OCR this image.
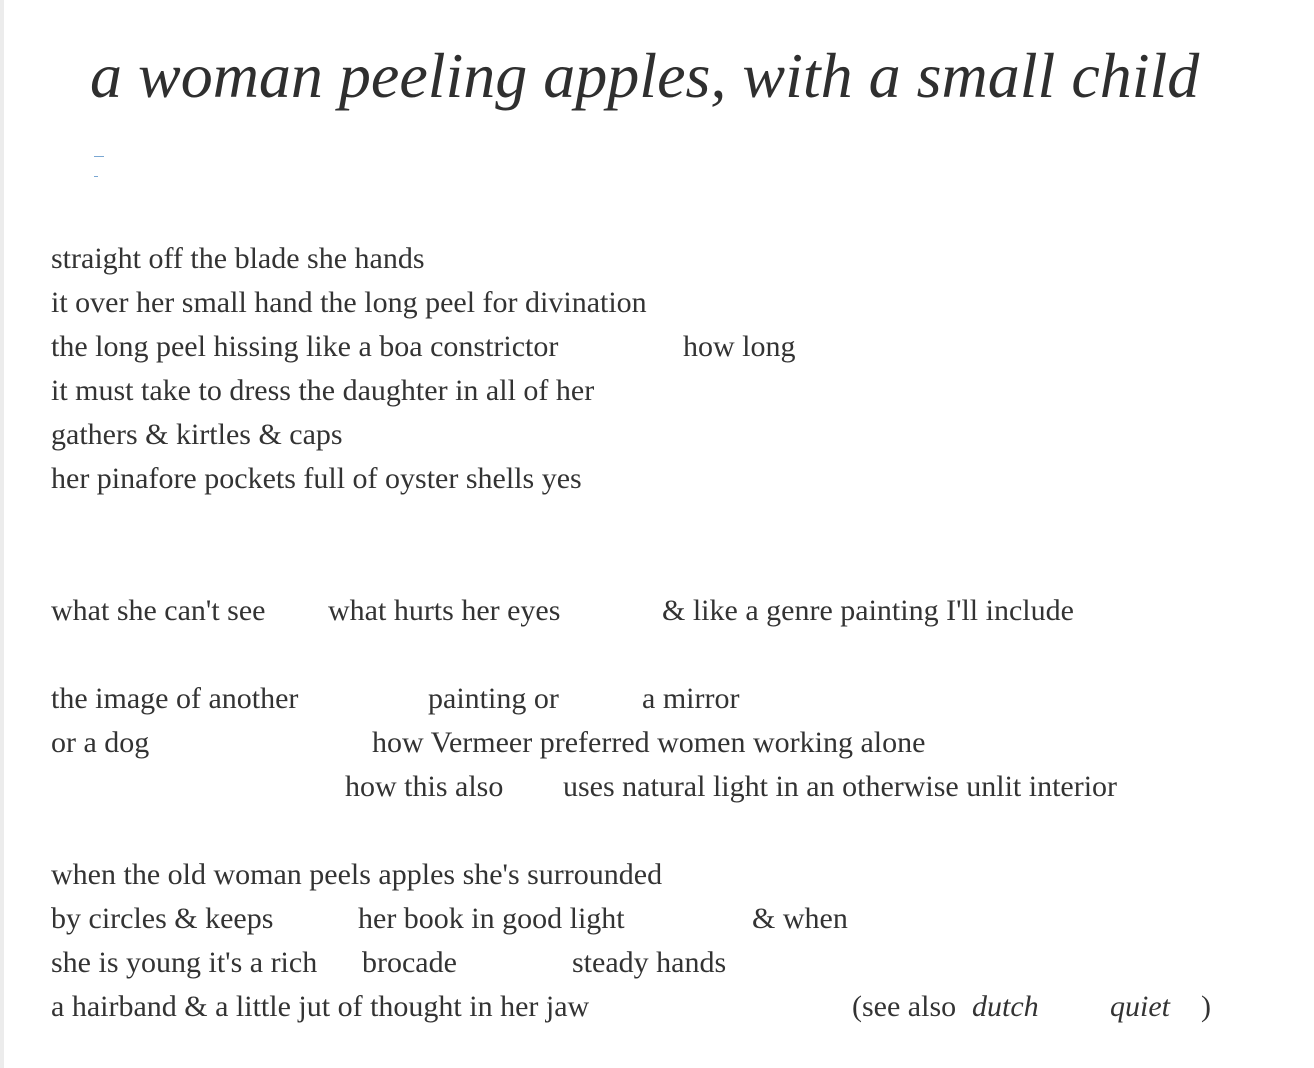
a woman peeling apples, with a small child
straight off the blade she hands
it over her small hand the long peel for divination
the long peel hissing like a boa constrictor	how long
it must take to dress the daughter in all of her
gathers & kirtles & caps
her pinafore pockets full of oyster shells yes
what she can't see what hurts her eyes	& like a genre painting I'll include
the image of another	painting or	a mirror
or a dog	how Vermeer preferred women working alone
how this also uses natural light in an otherwise unlit interior
when the old woman peels apples she's surrounded
by circles & keeps	her book in good light	& when
she is young it's a rich brocade	steady hands
a hairband & a little jut of thought in her jaw	(see also dutch quiet )
